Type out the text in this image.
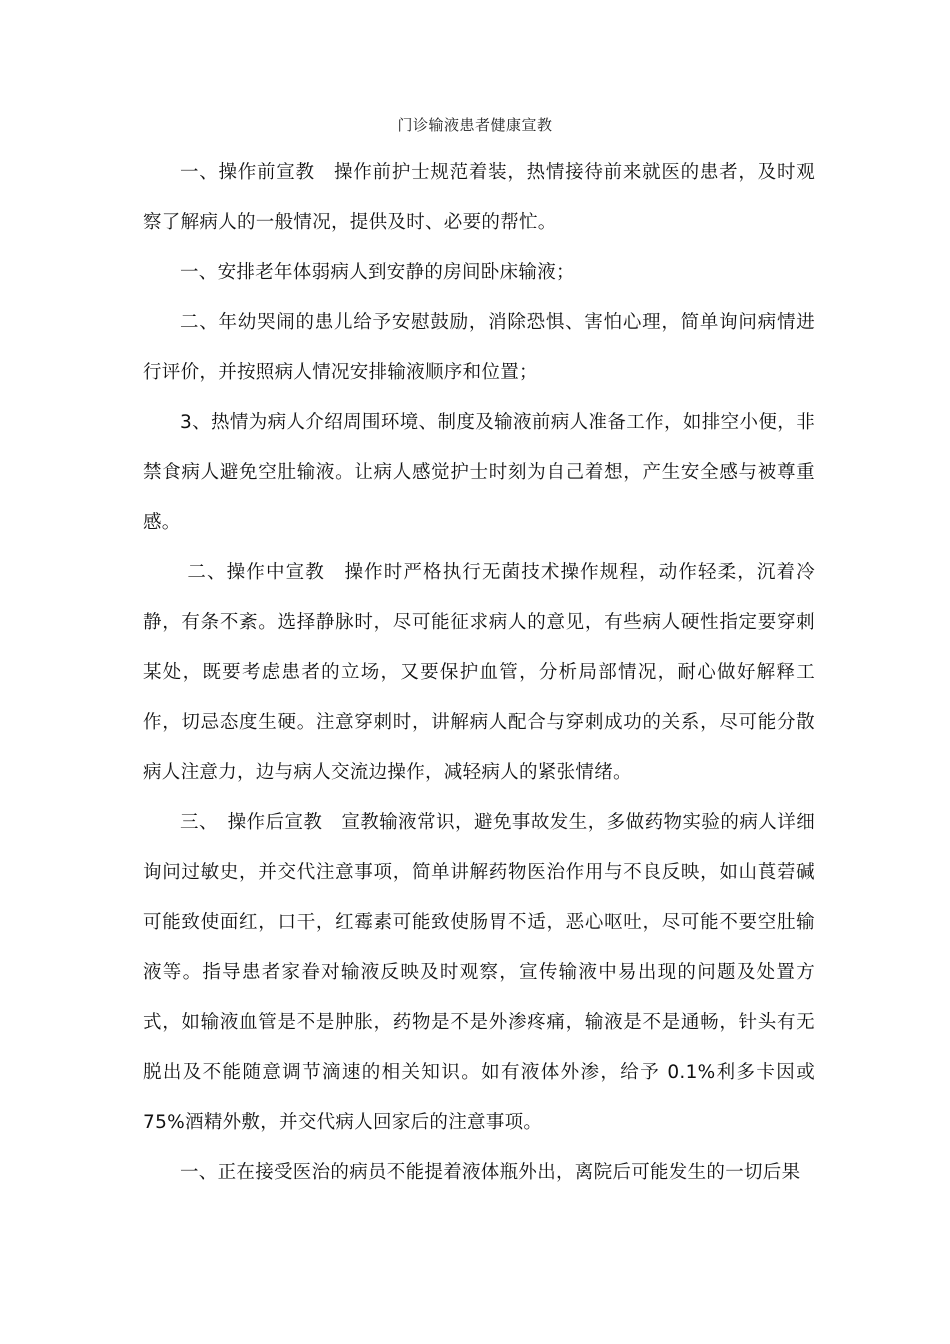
门诊输液患者健康宣教

一、操作前宣教　操作前护士规范着装，热情接待前来就医的患者，及时观察了解病人的一般情况，提供及时、必要的帮忙。

一、安排老年体弱病人到安静的房间卧床输液；

二、年幼哭闹的患儿给予安慰鼓励，消除恐惧、害怕心理，简单询问病情进行评价，并按照病人情况安排输液顺序和位置；

3、热情为病人介绍周围环境、制度及输液前病人准备工作，如排空小便，非禁食病人避免空肚输液。让病人感觉护士时刻为自己着想，产生安全感与被尊重感。

二、操作中宣教　操作时严格执行无菌技术操作规程，动作轻柔，沉着冷静，有条不紊。选择静脉时，尽可能征求病人的意见，有些病人硬性指定要穿刺某处，既要考虑患者的立场，又要保护血管，分析局部情况，耐心做好解释工作，切忌态度生硬。注意穿刺时，讲解病人配合与穿刺成功的关系，尽可能分散病人注意力，边与病人交流边操作，减轻病人的紧张情绪。

三、　操作后宣教　宣教输液常识，避免事故发生，多做药物实验的病人详细询问过敏史，并交代注意事项，简单讲解药物医治作用与不良反映，如山莨菪碱可能致使面红，口干，红霉素可能致使肠胃不适，恶心呕吐，尽可能不要空肚输液等。指导患者家眷对输液反映及时观察，宣传输液中易出现的问题及处置方式，如输液血管是不是肿胀，药物是不是外渗疼痛，输液是不是通畅，针头有无脱出及不能随意调节滴速的相关知识。如有液体外渗，给予 0.1%利多卡因或 75%酒精外敷，并交代病人回家后的注意事项。

一、正在接受医治的病员不能提着液体瓶外出，离院后可能发生的一切后果
